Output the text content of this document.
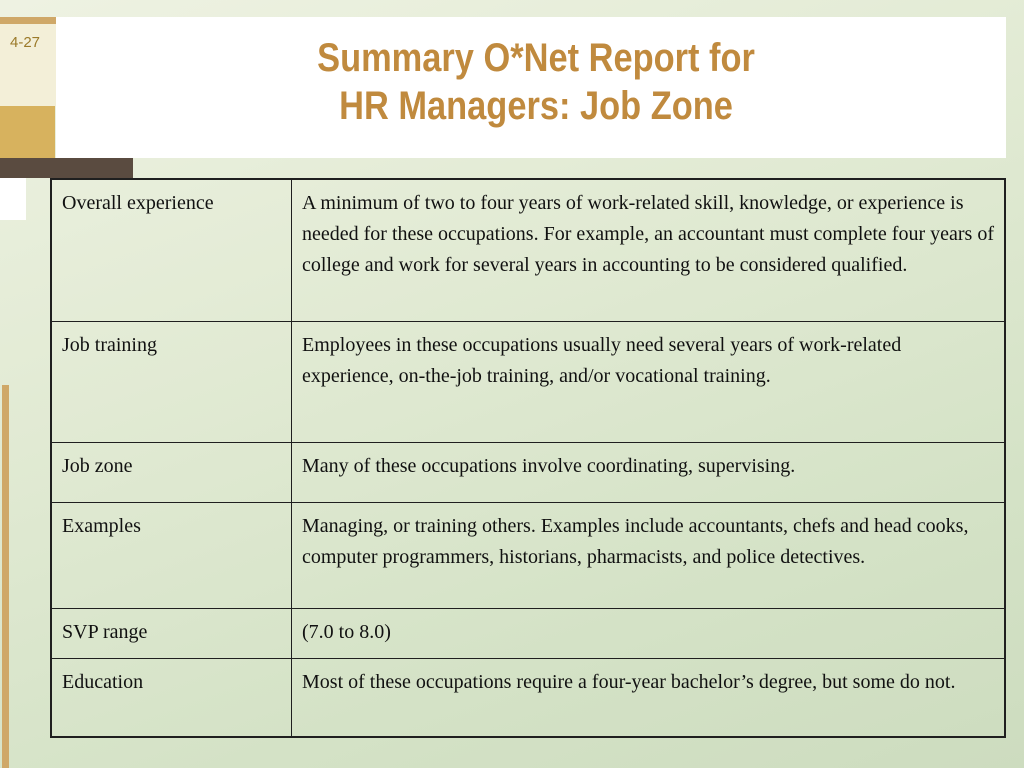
4-27	Summary O*Net Report for
HR Managers: Job Zone
Overall experience	A minimum of two to four years of work-related skill, knowledge, or experience is needed for these occupations. For example, an accountant must complete four years of college and work for several years in accounting to be considered qualified.
Job training	Employees in these occupations usually need several years of work-related experience, on-the-job training, and/or vocational training.
Job zone	Many of these occupations involve coordinating, supervising.
Examples	Managing, or training others. Examples include accountants, chefs and head cooks, computer programmers, historians, pharmacists, and police detectives.
SVP range	(7.0 to 8.0)
Education	Most of these occupations require a four-year bachelor’s degree, but some do not.
